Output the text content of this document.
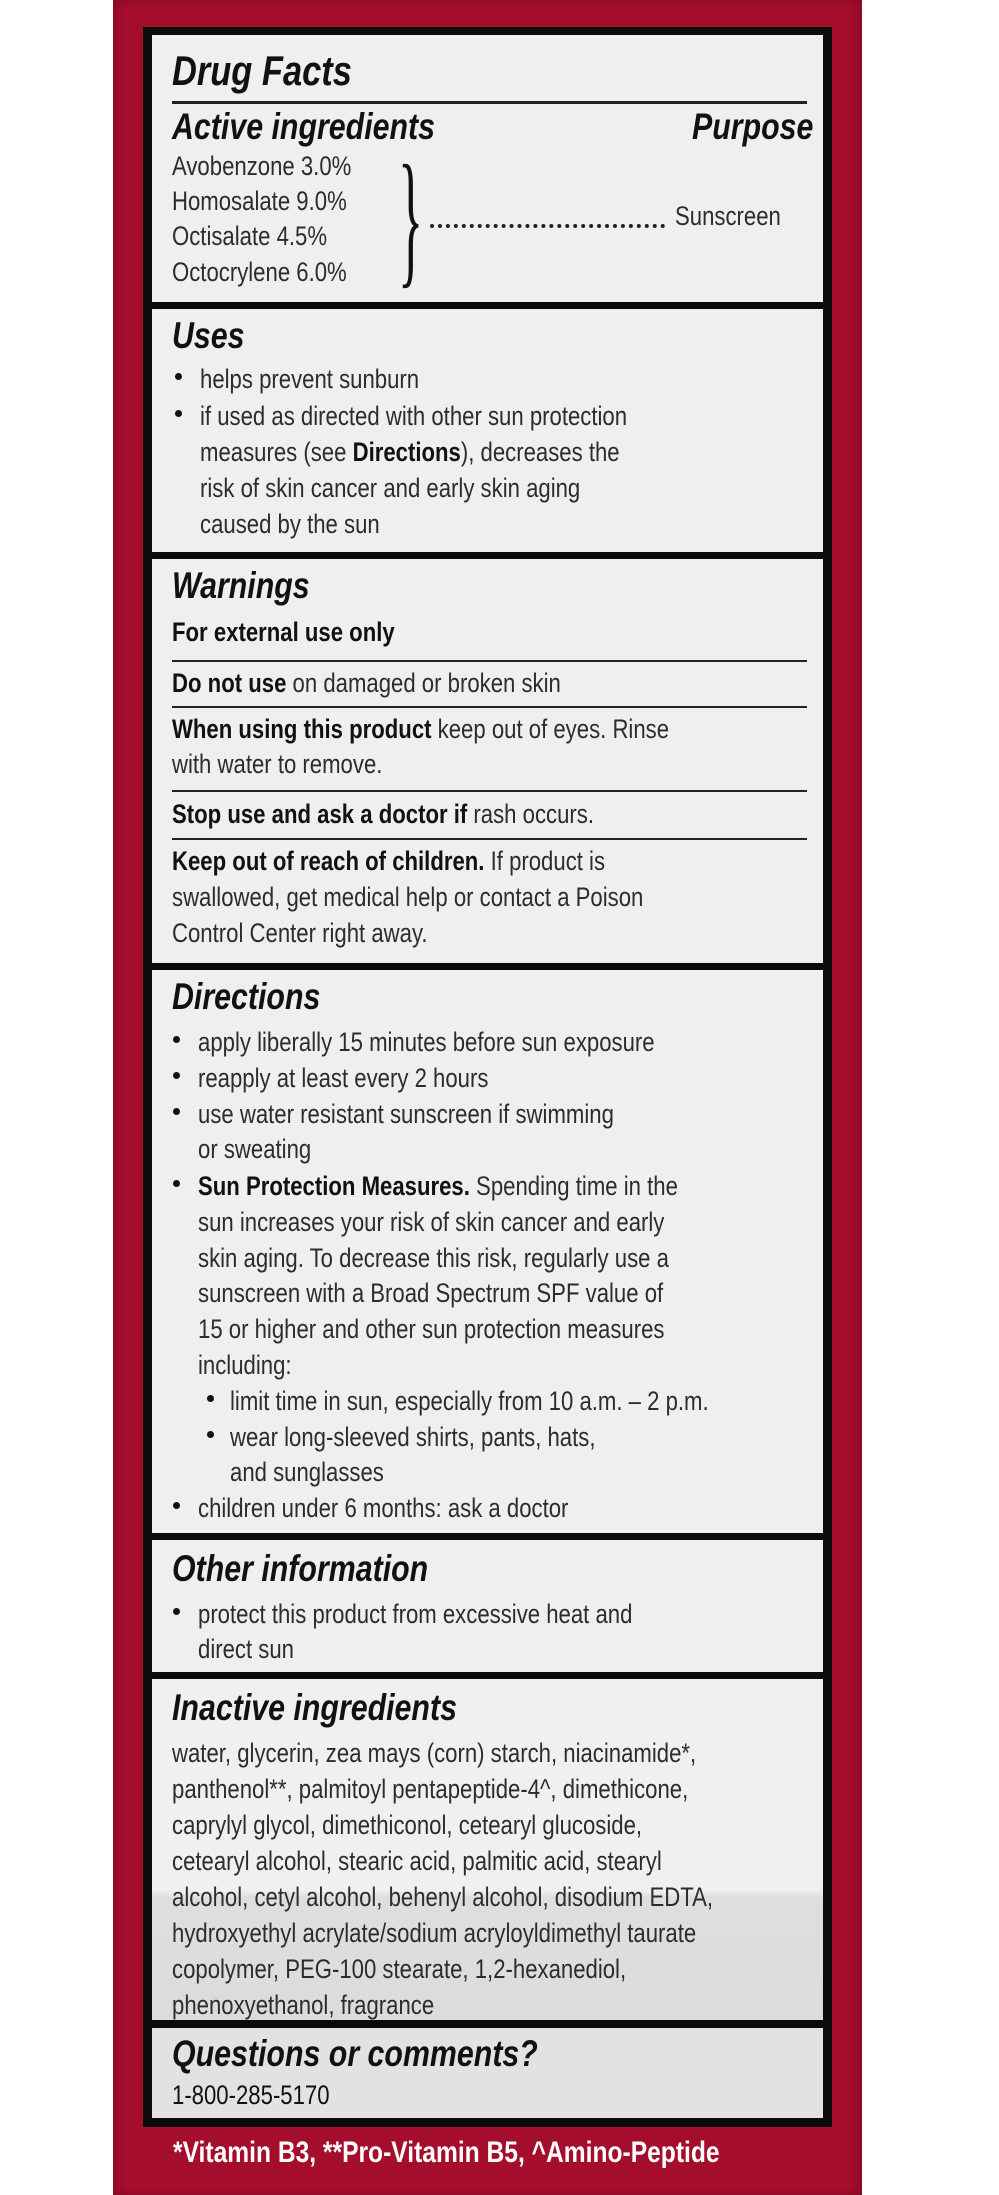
Drug Facts
Active ingredients	Purpose
Avobenzone 3.0%
Homosalate 9.0%
Octisalate 4.5%
Octocrylene 6.0% }	Sunscreen
Uses
helps prevent sunburn
if used as directed with other sun protection
measures (see Directions), decreases the
risk of skin cancer and early skin aging
caused by the sun
Warnings
For external use only
Do not use on damaged or broken skin
When using this product keep out of eyes. Rinse
with water to remove.
Stop use and ask a doctor if rash occurs.
Keep out of reach of children. If product is
swallowed, get medical help or contact a Poison
Control Center right away.
Directions
apply liberally 15 minutes before sun exposure
reapply at least every 2 hours
use water resistant sunscreen if swimming
or sweating
Sun Protection Measures. Spending time in the
sun increases your risk of skin cancer and early
skin aging. To decrease this risk, regularly use a
sunscreen with a Broad Spectrum SPF value of
15 or higher and other sun protection measures
including:
limit time in sun, especially from 10 a.m. – 2 p.m.
wear long-sleeved shirts, pants, hats,
and sunglasses
children under 6 months: ask a doctor
Other information
protect this product from excessive heat and
direct sun
Inactive ingredients
water, glycerin, zea mays (corn) starch, niacinamide*,
panthenol**, palmitoyl pentapeptide-4^, dimethicone,
caprylyl glycol, dimethiconol, cetearyl glucoside,
cetearyl alcohol, stearic acid, palmitic acid, stearyl
alcohol, cetyl alcohol, behenyl alcohol, disodium EDTA,
hydroxyethyl acrylate/sodium acryloyldimethyl taurate
copolymer, PEG-100 stearate, 1,2-hexanediol,
phenoxyethanol, fragrance
Questions or comments?
1-800-285-5170
*Vitamin B3, **Pro-Vitamin B5, ^Amino-Peptide
